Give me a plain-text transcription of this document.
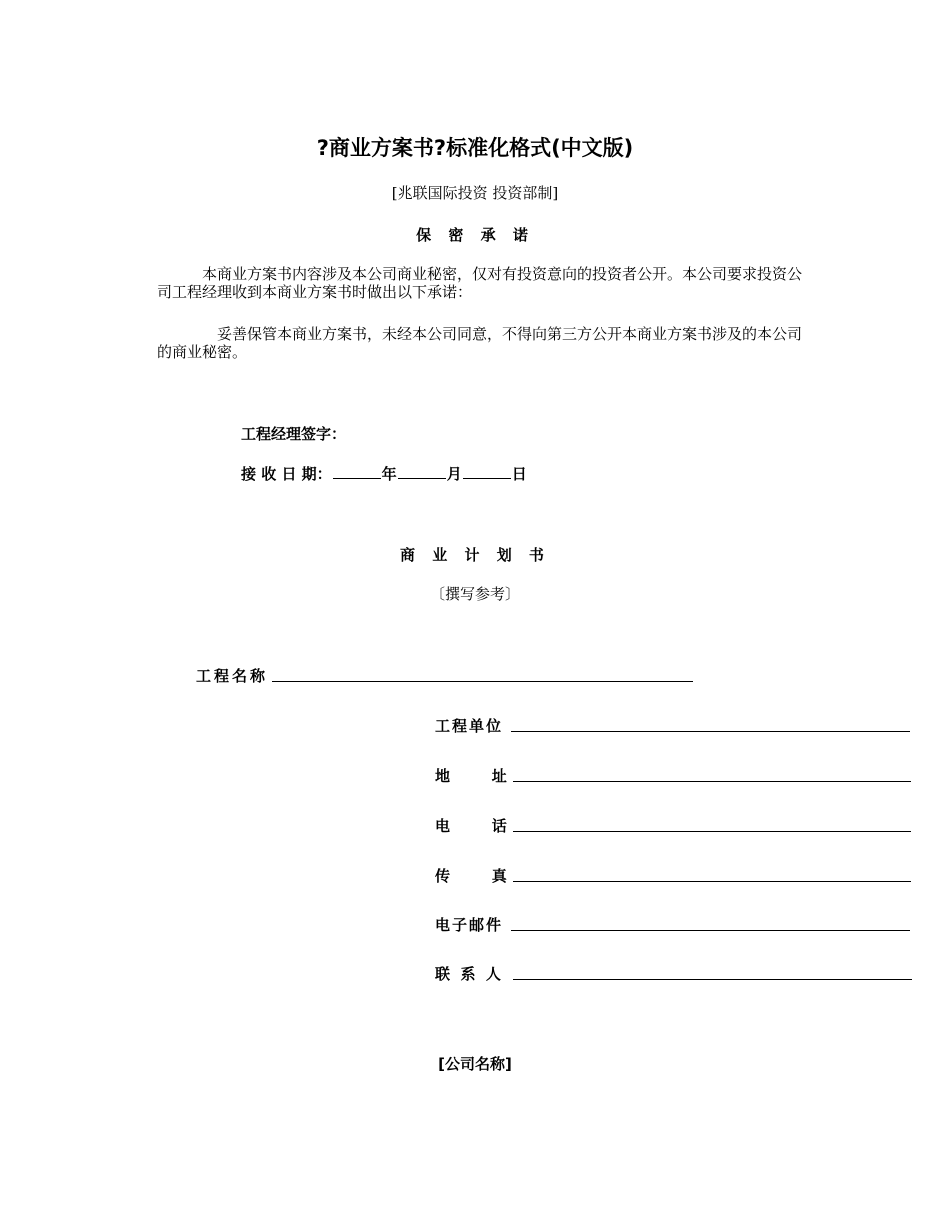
?商业方案书?标准化格式(中文版)
[兆联国际投资 投资部制]
保 密 承 诺
本商业方案书内容涉及本公司商业秘密，仅对有投资意向的投资者公开。本公司要求投资公司工程经理收到本商业方案书时做出以下承诺：
妥善保管本商业方案书，未经本公司同意，不得向第三方公开本商业方案书涉及的本公司的商业秘密。
工程经理签字：
接 收 日 期：	年	月	日
商 业 计 划 书
〔撰写参考〕
工程名称
工程单位
地        址
电        话
传        真
电子邮件
联  系  人
[公司名称]
